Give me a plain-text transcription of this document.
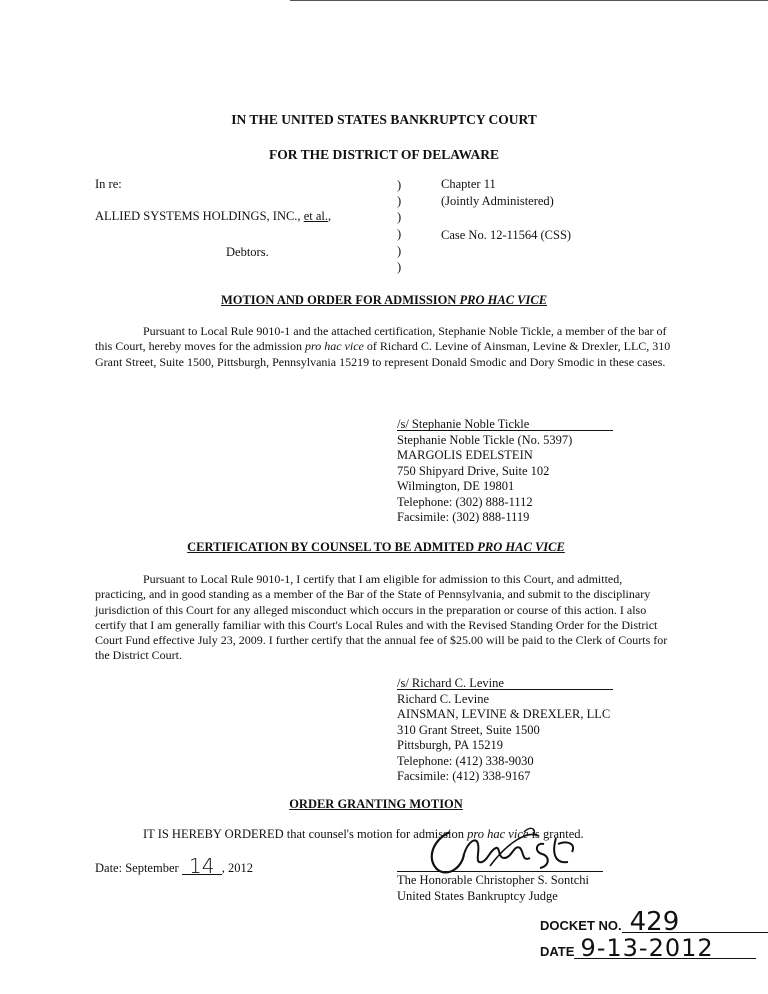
IN THE UNITED STATES BANKRUPTCY COURT
FOR THE DISTRICT OF DELAWARE
In re:
ALLIED SYSTEMS HOLDINGS, INC., et al.,
Debtors.
)
)
)
)
)
)
Chapter 11
(Jointly Administered)
Case No. 12-11564 (CSS)
MOTION AND ORDER FOR ADMISSION PRO HAC VICE
Pursuant to Local Rule 9010-1 and the attached certification, Stephanie Noble Tickle, a member of the bar of this Court, hereby moves for the admission pro hac vice of Richard C. Levine of Ainsman, Levine & Drexler, LLC, 310 Grant Street, Suite 1500, Pittsburgh, Pennsylvania 15219 to represent Donald Smodic and Dory Smodic in these cases.
/s/ Stephanie Noble Tickle
Stephanie Noble Tickle (No. 5397)
MARGOLIS EDELSTEIN
750 Shipyard Drive, Suite 102
Wilmington, DE 19801
Telephone: (302) 888-1112
Facsimile: (302) 888-1119
CERTIFICATION BY COUNSEL TO BE ADMITED PRO HAC VICE
Pursuant to Local Rule 9010-1, I certify that I am eligible for admission to this Court, and admitted, practicing, and in good standing as a member of the Bar of the State of Pennsylvania, and submit to the disciplinary jurisdiction of this Court for any alleged misconduct which occurs in the preparation or course of this action. I also certify that I am generally familiar with this Court's Local Rules and with the Revised Standing Order for the District Court Fund effective July 23, 2009. I further certify that the annual fee of $25.00 will be paid to the Clerk of Courts for the District Court.
/s/ Richard C. Levine
Richard C. Levine
AINSMAN, LEVINE & DREXLER, LLC
310 Grant Street, Suite 1500
Pittsburgh, PA 15219
Telephone: (412) 338-9030
Facsimile: (412) 338-9167
ORDER GRANTING MOTION
IT IS HEREBY ORDERED that counsel's motion for admission pro hac vice is granted.
Date: September 14 , 2012
The Honorable Christopher S. Sontchi
United States Bankruptcy Judge
DOCKET NO. 429
DATE 9-13-2012
